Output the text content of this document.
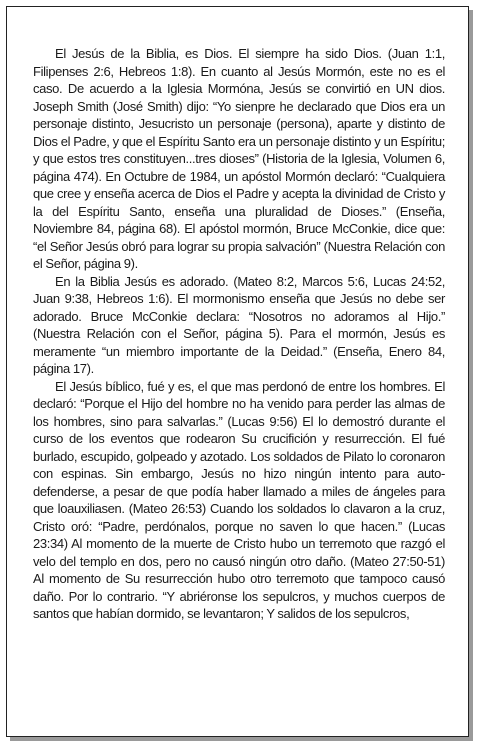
El Jesús de la Biblia, es Dios. El siempre ha sido Dios. (Juan 1:1, Filipenses 2:6, Hebreos 1:8). En cuanto al Jesús Mormón, este no es el caso. De acuerdo a la Iglesia Mormóna, Jesús se convirtió en UN dios. Joseph Smith (José Smith) dijo: “Yo sienpre he declarado que Dios era un personaje distinto, Jesucristo un personaje (persona), aparte y distinto de Dios el Padre, y que el Espíritu Santo era un personaje distinto y un Espíritu; y que estos tres constituyen...tres dioses” (Historia de la Iglesia, Volumen 6, página 474). En Octubre de 1984, un apóstol Mormón declaró: “Cualquiera que cree y enseña acerca de Dios el Padre y acepta la divinidad de Cristo y la del Espíritu Santo, enseña una pluralidad de Dioses.” (Enseña, Noviembre 84, página 68). El apóstol mormón, Bruce McConkie, dice que: “el Señor Jesús obró para lograr su propia salvación” (Nuestra Relación con el Señor, página 9).

En la Biblia Jesús es adorado. (Mateo 8:2, Marcos 5:6, Lucas 24:52, Juan 9:38, Hebreos 1:6). El mormonismo enseña que Jesús no debe ser adorado. Bruce McConkie declara: “Nosotros no adoramos al Hijo.” (Nuestra Relación con el Señor, página 5). Para el mormón, Jesús es meramente “un miembro importante de la Deidad.” (Enseña, Enero 84, página 17).

El Jesús bíblico, fué y es, el que mas perdonó de entre los hombres. El declaró: “Porque el Hijo del hombre no ha venido para perder las almas de los hombres, sino para salvarlas.” (Lucas 9:56) El lo demostró durante el curso de los eventos que rodearon Su crucifición y resurrección. El fué burlado, escupido, golpeado y azotado. Los soldados de Pilato lo coronaron con espinas. Sin embargo, Jesús no hizo ningún intento para auto-defenderse, a pesar de que podía haber llamado a miles de ángeles para que loauxiliasen. (Mateo 26:53) Cuando los soldados lo clavaron a la cruz, Cristo oró: “Padre, perdónalos, porque no saven lo que hacen.” (Lucas 23:34) Al momento de la muerte de Cristo hubo un terremoto que razgó el velo del templo en dos, pero no causó ningún otro daño. (Mateo 27:50-51) Al momento de Su resurrección hubo otro terremoto que tampoco causó daño. Por lo contrario. “Y abriéronse los sepulcros, y muchos cuerpos de santos que habían dormido, se levantaron; Y salidos de los sepulcros,
